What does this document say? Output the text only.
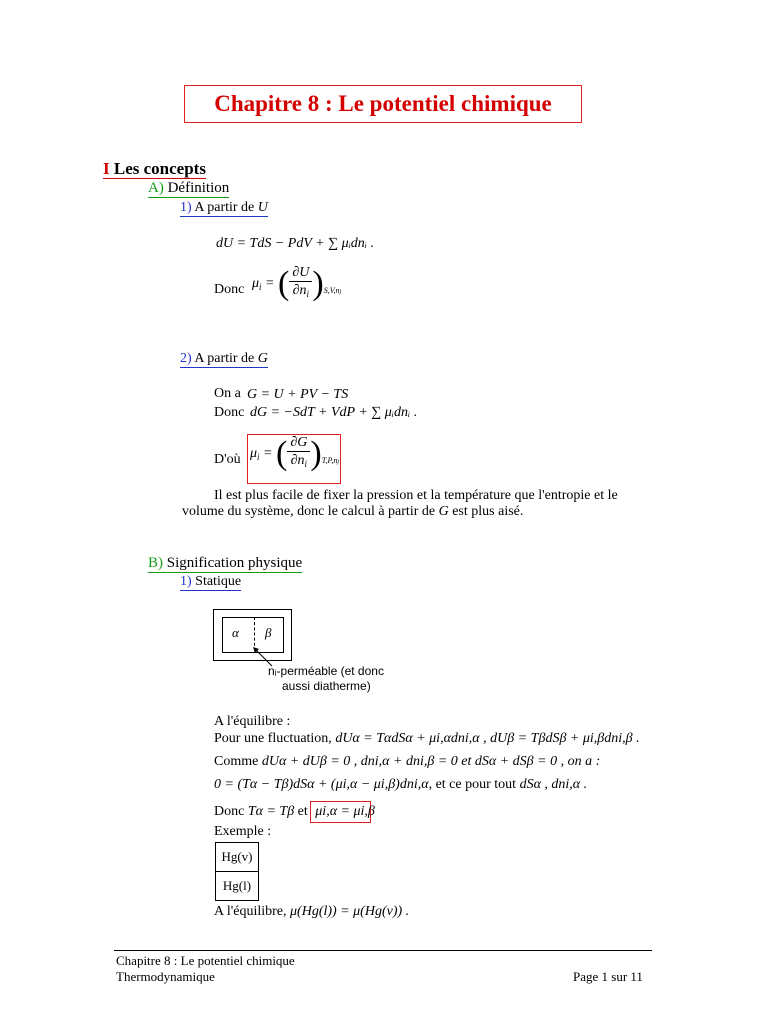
Chapitre 8 : Le potentiel chimique
I Les concepts
A) Définition
1) A partir de U
dU = TdS − PdV + ∑ μᵢdnᵢ .
Donc $\mu_i$ = ( $\frac{\partial U}{\partial n_i} )_{S,V,nj}$
2) A partir de G
On a G = U + PV − TS
Donc dG = −SdT + VdP + ∑ μᵢdnᵢ .
D'où $\mu_i$ = ( $\frac{\partial G}{\partial n_i} )_{T,P,nj}$
Il est plus facile de fixer la pression et la température que l'entropie et le
volume du système, donc le calcul à partir de G est plus aisé.
B) Signification physique
1) Statique
α β
nᵢ-perméable (et donc
aussi diatherme)
A l'équilibre :
Pour une fluctuation, dUα = TαdSα + μi,αdni,α , dUβ = TβdSβ + μi,βdni,β .
Comme dUα + dUβ = 0 , dni,α + dni,β = 0 et dSα + dSβ = 0 , on a :
0 = (Tα − Tβ)dSα + (μi,α − μi,β)dni,α, et ce pour tout dSα , dni,α .
Donc Tα = Tβ et μi,α = μi,β
Exemple :
Hg(v)
Hg(l)
A l'équilibre, μ(Hg(l)) = μ(Hg(v)) .
Chapitre 8 : Le potentiel chimique
Thermodynamique	Page 1 sur 11
